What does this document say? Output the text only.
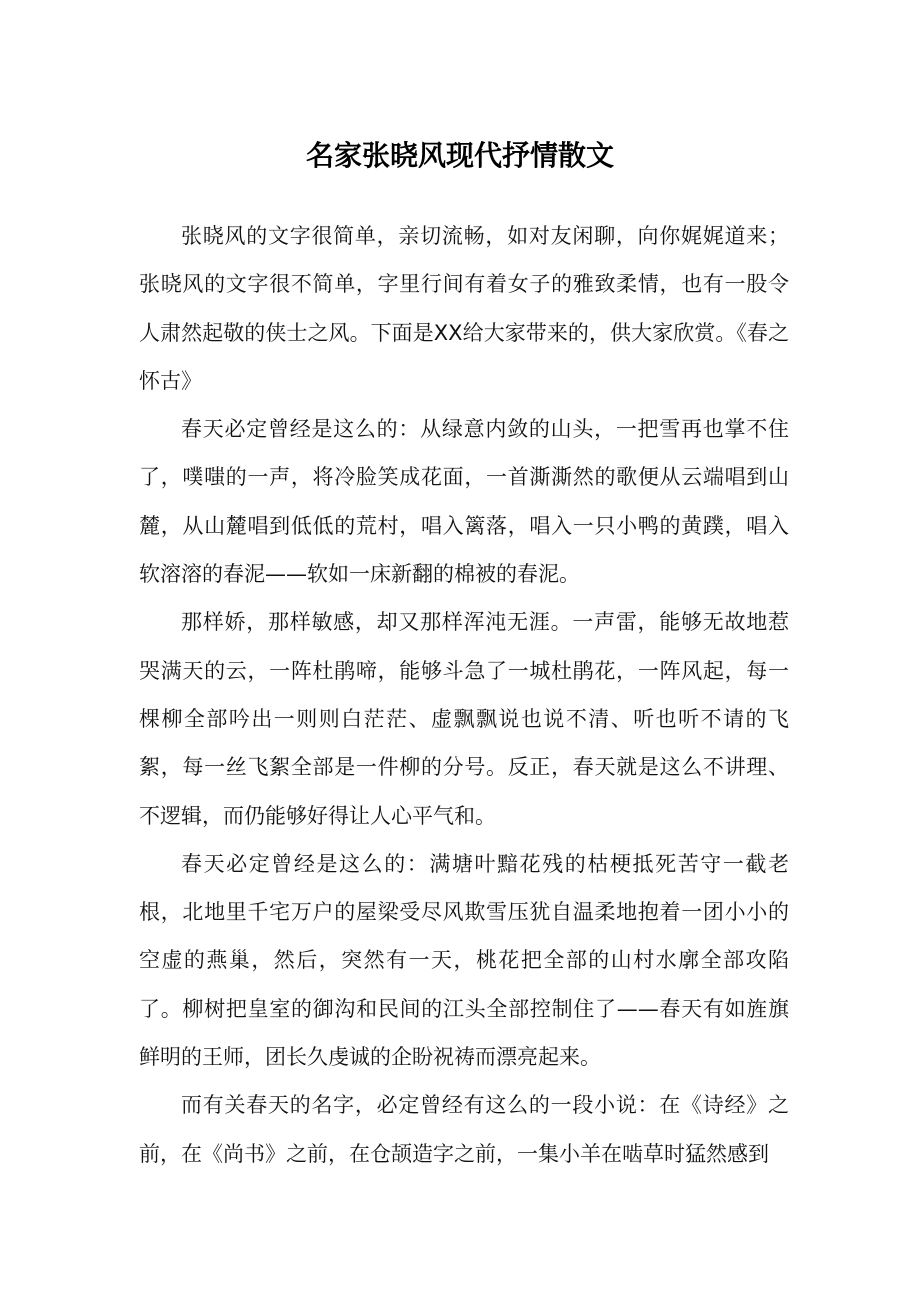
名家张晓风现代抒情散文

张晓风的文字很简单，亲切流畅，如对友闲聊，向你娓娓道来；张晓风的文字很不简单，字里行间有着女子的雅致柔情，也有一股令人肃然起敬的侠士之风。下面是XX给大家带来的，供大家欣赏。《春之怀古》

春天必定曾经是这么的：从绿意内敛的山头，一把雪再也掌不住了，噗嗤的一声，将冷脸笑成花面，一首澌澌然的歌便从云端唱到山麓，从山麓唱到低低的荒村，唱入篱落，唱入一只小鸭的黄蹼，唱入软溶溶的春泥——软如一床新翻的棉被的春泥。

那样娇，那样敏感，却又那样浑沌无涯。一声雷，能够无故地惹哭满天的云，一阵杜鹃啼，能够斗急了一城杜鹃花，一阵风起，每一棵柳全部吟出一则则白茫茫、虚飘飘说也说不清、听也听不请的飞絮，每一丝飞絮全部是一件柳的分号。反正，春天就是这么不讲理、不逻辑，而仍能够好得让人心平气和。

春天必定曾经是这么的：满塘叶黯花残的枯梗抵死苦守一截老根，北地里千宅万户的屋梁受尽风欺雪压犹自温柔地抱着一团小小的空虚的燕巢，然后，突然有一天，桃花把全部的山村水廓全部攻陷了。柳树把皇室的御沟和民间的江头全部控制住了——春天有如旌旗鲜明的王师，团长久虔诚的企盼祝祷而漂亮起来。

而有关春天的名字，必定曾经有这么的一段小说：在《诗经》之前，在《尚书》之前，在仓颉造字之前，一集小羊在啮草时猛然感到
